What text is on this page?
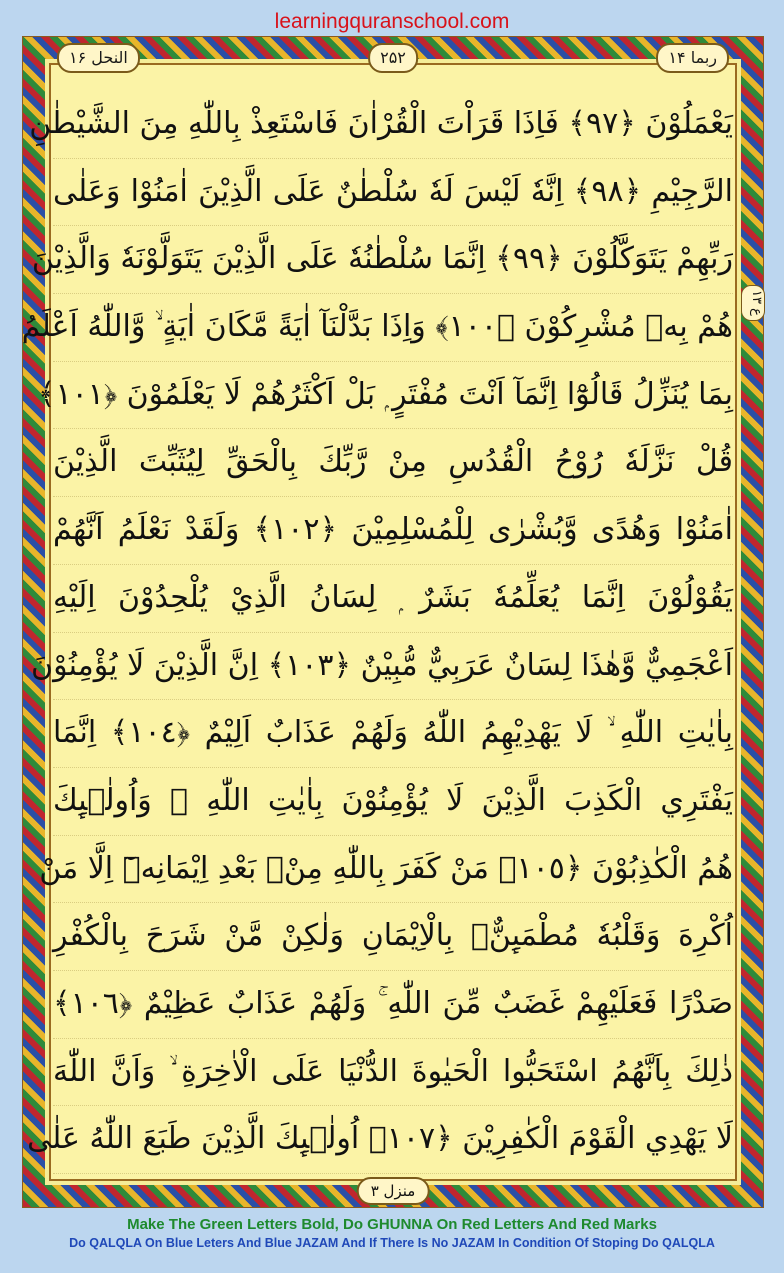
learningquranschool.com
النحل ۱۶	۲۵۲	ربما ۱۴
۱۳ ع
يَعْمَلُوْنَ ﴿٩٧﴾ فَاِذَا قَرَاْتَ الْقُرْاٰنَ فَاسْتَعِذْ بِاللّٰهِ مِنَ الشَّيْطٰنِ
الرَّجِيْمِ ﴿٩٨﴾ اِنَّهٗ لَيْسَ لَهٗ سُلْطٰنٌ عَلَى الَّذِيْنَ اٰمَنُوْا وَعَلٰى
رَبِّهِمْ يَتَوَكَّلُوْنَ ﴿٩٩﴾ اِنَّمَا سُلْطٰنُهٗ عَلَى الَّذِيْنَ يَتَوَلَّوْنَهٗ وَالَّذِيْنَ
هُمْ بِهٖ مُشْرِكُوْنَ ﴿١٠٠﴾ وَاِذَا بَدَّلْنَآ اٰيَةً مَّكَانَ اٰيَةٍ ۙ وَّاللّٰهُ اَعْلَمُ
بِمَا يُنَزِّلُ قَالُوْٓا اِنَّمَآ اَنْتَ مُفْتَرٍ ۭ بَلْ اَكْثَرُهُمْ لَا يَعْلَمُوْنَ ﴿١٠١﴾
قُلْ نَزَّلَهٗ رُوْحُ الْقُدُسِ مِنْ رَّبِّكَ بِالْحَقِّ لِيُثَبِّتَ الَّذِيْنَ
اٰمَنُوْا وَهُدًى وَّبُشْرٰى لِلْمُسْلِمِيْنَ ﴿١٠٢﴾ وَلَقَدْ نَعْلَمُ اَنَّهُمْ
يَقُوْلُوْنَ اِنَّمَا يُعَلِّمُهٗ بَشَرٌ ۭ لِسَانُ الَّذِيْ يُلْحِدُوْنَ اِلَيْهِ
اَعْجَمِيٌّ وَّهٰذَا لِسَانٌ عَرَبِيٌّ مُّبِيْنٌ ﴿١٠٣﴾ اِنَّ الَّذِيْنَ لَا يُؤْمِنُوْنَ
بِاٰيٰتِ اللّٰهِ ۙ لَا يَهْدِيْهِمُ اللّٰهُ وَلَهُمْ عَذَابٌ اَلِيْمٌ ﴿١٠٤﴾ اِنَّمَا
يَفْتَرِي الْكَذِبَ الَّذِيْنَ لَا يُؤْمِنُوْنَ بِاٰيٰتِ اللّٰهِ ۚ وَاُولٰۗىِٕكَ
هُمُ الْكٰذِبُوْنَ ﴿١٠٥﴾ مَنْ كَفَرَ بِاللّٰهِ مِنْۢ بَعْدِ اِيْمَانِهٖٓ اِلَّا مَنْ
اُكْرِهَ وَقَلْبُهٗ مُطْمَىِٕنٌّۢ بِالْاِيْمَانِ وَلٰكِنْ مَّنْ شَرَحَ بِالْكُفْرِ
صَدْرًا فَعَلَيْهِمْ غَضَبٌ مِّنَ اللّٰهِ ۚ وَلَهُمْ عَذَابٌ عَظِيْمٌ ﴿١٠٦﴾
ذٰلِكَ بِاَنَّهُمُ اسْتَحَبُّوا الْحَيٰوةَ الدُّنْيَا عَلَى الْاٰخِرَةِ ۙ وَاَنَّ اللّٰهَ
لَا يَهْدِي الْقَوْمَ الْكٰفِرِيْنَ ﴿١٠٧﴾ اُولٰۗىِٕكَ الَّذِيْنَ طَبَعَ اللّٰهُ عَلٰى
منزل ۳
Make The Green Letters Bold, Do GHUNNA On Red Letters And Red Marks
Do QALQLA On Blue Leters And Blue JAZAM And If There Is No JAZAM In Condition Of Stoping Do QALQLA
